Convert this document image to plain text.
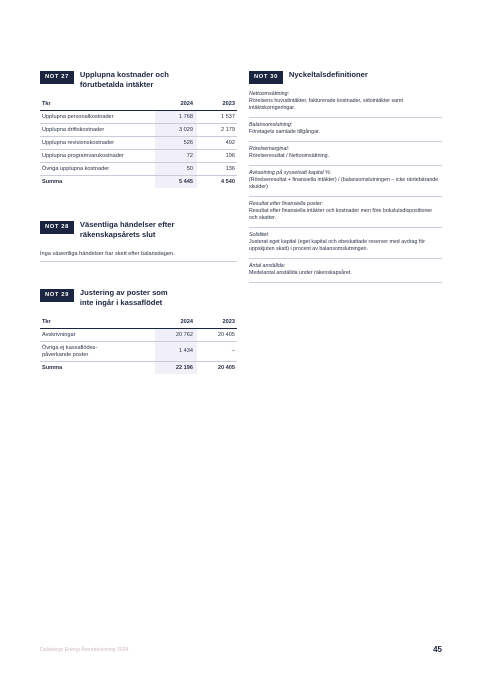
NOT 27	Upplupna kostnader och
förutbetalda intäkter
Tkr	2024	2023
Upplupna personalkostnader	1 768	1 537
Upplupna driftskostnader	3 029	2 179
Upplupna revisionskostnader	526	492
Upplupna programvarukostnader	72	196
Övriga upplupna kostnader	50	136
Summa	5 445	4 540
NOT 28	Väsentliga händelser efter
räkenskapsårets slut
Inga väsentliga händelser har skett efter balansdagen.
NOT 29	Justering av poster som
inte ingår i kassaflödet
Tkr	2024	2023
Avskrivningar	20 762	20 405
Övriga ej kassaflödes-
påverkande poster	1 434	–
Summa	22 196	20 405
NOT 30	Nyckeltalsdefinitioner
Nettoomsättning:
Rörelsens huvudintäkter, fakturerade kostnader, sidointäkter samt intäktskorrigeringar.
Balansomslutning:
Företagets samlade tillgångar.
Rörelsemarginal:
Rörelseresultat / Nettoomsättning.
Avkastning på sysselsatt kapital %:
(Rörelseresultat + finansiella intäkter) / (balansomslutningen – icke räntebärande skulder)
Resultat efter finansiella poster:
Resultat efter finansiella intäkter och kostnader men före bokslutsdispositioner och skatter.
Soliditet:
Justerat eget kapital (eget kapital och obeskattade reserver med avdrag för uppskjuten skatt) i procent av balansomslutningen.
Antal anställda:
Medelantal anställda under räkenskapsåret.
Dalsbergs Energi Årsredovisning 2024	45
